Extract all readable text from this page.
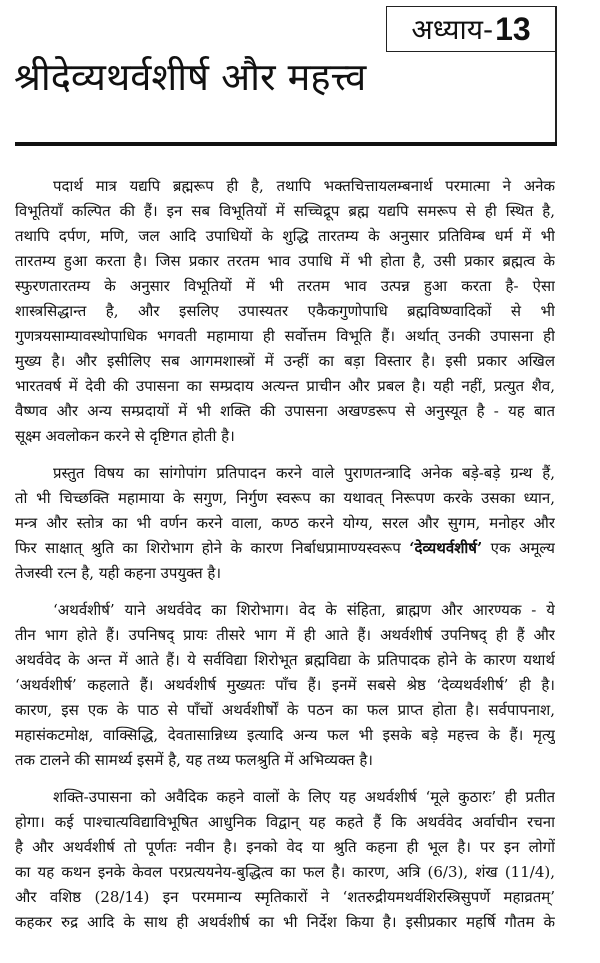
अध्याय- 13
श्रीदेव्यथर्वशीर्ष और महत्त्व
पदार्थ मात्र यद्यपि ब्रह्मरूप ही है, तथापि भक्तचित्तायलम्बनार्थ परमात्मा ने अनेक
विभूतियाँ कल्पित की हैं। इन सब विभूतियों में सच्चिद्रूप ब्रह्म यद्यपि समरूप से ही स्थित है,
तथापि दर्पण, मणि, जल आदि उपाधियों के शुद्धि तारतम्य के अनुसार प्रतिविम्ब धर्म में भी
तारतम्य हुआ करता है। जिस प्रकार तरतम भाव उपाधि में भी होता है, उसी प्रकार ब्रह्मत्व के
स्फुरणतारतम्य के अनुसार विभूतियों में भी तरतम भाव उत्पन्न हुआ करता है- ऐसा
शास्त्रसिद्धान्त है, और इसलिए उपास्यतर एकैकगुणोपाधि ब्रह्मविष्ण्वादिकों से भी
गुणत्रयसाम्यावस्थोपाधिक भगवती महामाया ही सर्वोत्तम विभूति हैं। अर्थात् उनकी उपासना ही
मुख्य है। और इसीलिए सब आगमशास्त्रों में उन्हीं का बड़ा विस्तार है। इसी प्रकार अखिल
भारतवर्ष में देवी की उपासना का सम्प्रदाय अत्यन्त प्राचीन और प्रबल है। यही नहीं, प्रत्युत शैव,
वैष्णव और अन्य सम्प्रदायों में भी शक्ति की उपासना अखण्डरूप से अनुस्यूत है - यह बात
सूक्ष्म अवलोकन करने से दृष्टिगत होती है।
प्रस्तुत विषय का सांगोपांग प्रतिपादन करने वाले पुराणतन्त्रादि अनेक बड़े-बड़े ग्रन्थ हैं,
तो भी चिच्छक्ति महामाया के सगुण, निर्गुण स्वरूप का यथावत् निरूपण करके उसका ध्यान,
मन्त्र और स्तोत्र का भी वर्णन करने वाला, कण्ठ करने योग्य, सरल और सुगम, मनोहर और
फिर साक्षात् श्रुति का शिरोभाग होने के कारण निर्बाधप्रामाण्यस्वरूप ‘देव्यथर्वशीर्ष’ एक अमूल्य
तेजस्वी रत्न है, यही कहना उपयुक्त है।
‘अथर्वशीर्ष’ याने अथर्ववेद का शिरोभाग। वेद के संहिता, ब्राह्मण और आरण्यक - ये
तीन भाग होते हैं। उपनिषद् प्रायः तीसरे भाग में ही आते हैं। अथर्वशीर्ष उपनिषद् ही हैं और
अथर्ववेद के अन्त में आते हैं। ये सर्वविद्या शिरोभूत ब्रह्मविद्या के प्रतिपादक होने के कारण यथार्थ
‘अथर्वशीर्ष’ कहलाते हैं। अथर्वशीर्ष मुख्यतः पाँच हैं। इनमें सबसे श्रेष्ठ ‘देव्यथर्वशीर्ष’ ही है।
कारण, इस एक के पाठ से पाँचों अथर्वशीर्षों के पठन का फल प्राप्त होता है। सर्वपापनाश,
महासंकटमोक्ष, वाक्सिद्धि, देवतासान्निध्य इत्यादि अन्य फल भी इसके बड़े महत्त्व के हैं। मृत्यु
तक टालने की सामर्थ्य इसमें है, यह तथ्य फलश्रुति में अभिव्यक्त है।
शक्ति-उपासना को अवैदिक कहने वालों के लिए यह अथर्वशीर्ष ‘मूले कुठारः’ ही प्रतीत
होगा। कई पाश्चात्यविद्याविभूषित आधुनिक विद्वान् यह कहते हैं कि अथर्ववेद अर्वाचीन रचना
है और अथर्वशीर्ष तो पूर्णतः नवीन है। इनको वेद या श्रुति कहना ही भूल है। पर इन लोगों
का यह कथन इनके केवल परप्रत्ययनेय-बुद्धित्व का फल है। कारण, अत्रि (6/3), शंख (11/4),
और वशिष्ठ (28/14) इन परममान्य स्मृतिकारों ने ‘शतरुद्रीयमथर्वशिरस्त्रिसुपर्णे महाव्रतम्’
कहकर रुद्र आदि के साथ ही अथर्वशीर्ष का भी निर्देश किया है। इसीप्रकार महर्षि गौतम के
